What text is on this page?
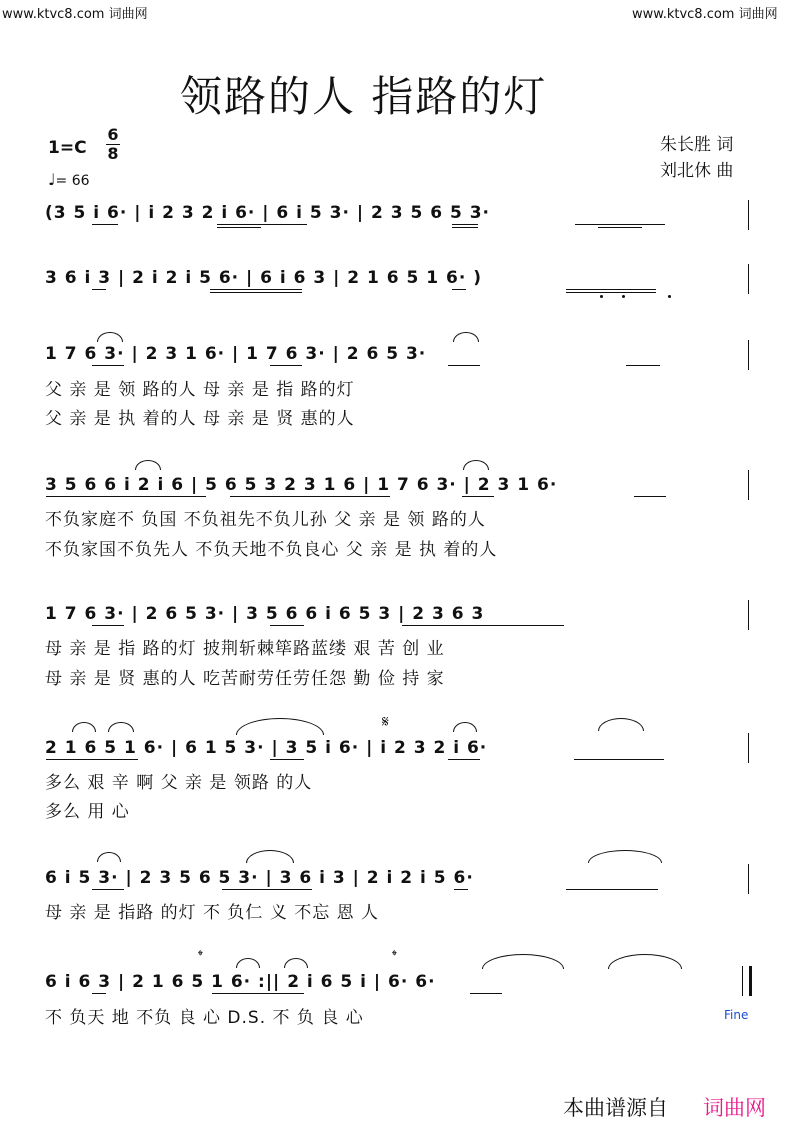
www.ktvc8.com 词曲网	www.ktvc8.com 词曲网
领路的人 指路的灯
1=C
6
8
♩= 66
朱长胜 词
刘北休 曲
(3 5 i 6· | i 2 3 2 i 6· | 6 i 5 3· | 2 3 5 6 5 3·
3 6 i 3 | 2 i 2 i 5 6· | 6 i 6 3 | 2 1 6 5 1 6· )
1 7 6 3· | 2 3 1 6· | 1 7 6 3· | 2 6 5 3·
父 亲 是 领 路的人 母 亲 是 指 路的灯
父 亲 是 执 着的人 母 亲 是 贤 惠的人
3 5 6 6 i 2 i 6 | 5 6 5 3 2 3 1 6 | 1 7 6 3· | 2 3 1 6·
不负家庭不 负国 不负祖先不负儿孙 父 亲 是 领 路的人
不负家国不负先人 不负天地不负良心 父 亲 是 执 着的人
1 7 6 3· | 2 6 5 3· | 3 5 6 6 i 6 5 3 | 2 3 6 3
母 亲 是 指 路的灯 披荆斩棘筚路蓝缕 艰 苦 创 业
母 亲 是 贤 惠的人 吃苦耐劳任劳任怨 勤 俭 持 家
𝄋
2 1 6 5 1 6· | 6 1 5 3· | 3 5 i 6· | i 2 3 2 i 6·
多么 艰 辛 啊 父 亲 是 领路 的人
多么 用 心
6 i 5 3· | 2 3 5 6 5 3· | 3 6 i 3 | 2 i 2 i 5 6·
母 亲 是 指路 的灯 不 负仁 义 不忘 恩 人
𝄌	𝄌
6 i 6 3 | 2 1 6 5 1 6· :|| 2 i 6 5 i | 6· 6·
不 负天 地 不负 良 心 D.S. 不 负 良 心	Fine
本曲谱源自 词曲网
